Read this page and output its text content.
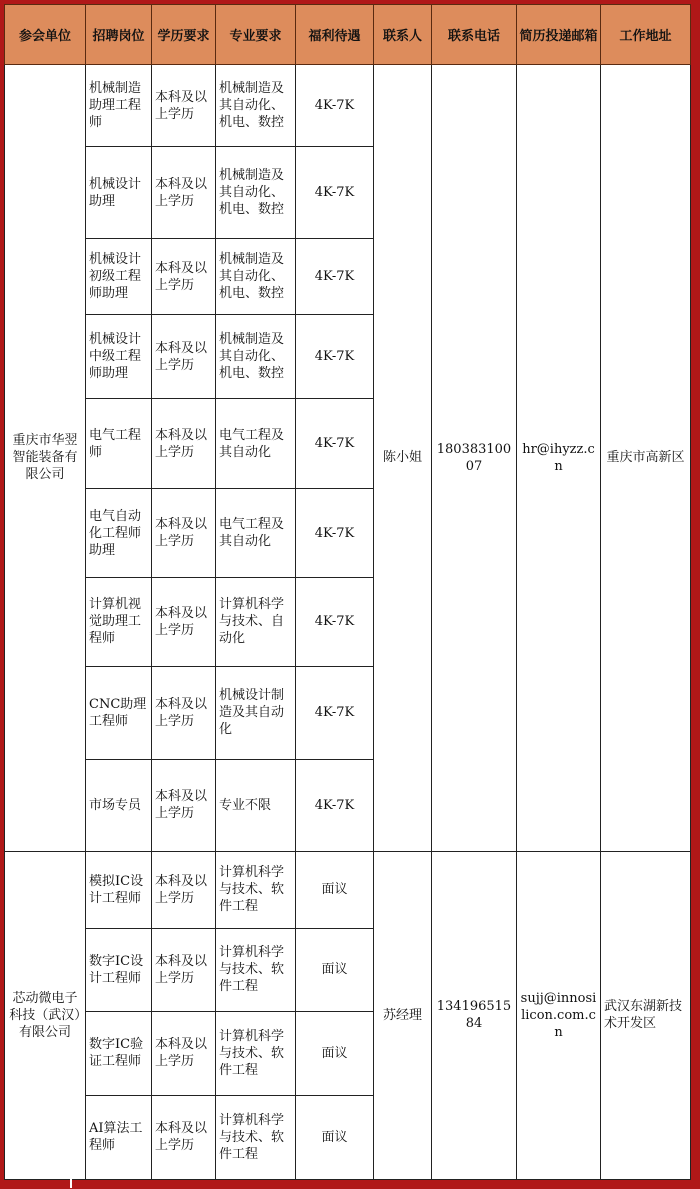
参会单位	招聘岗位	学历要求	专业要求	福利待遇	联系人	联系电话	简历投递邮箱	工作地址
重庆市华翌智能装备有限公司	机械制造助理工程师	本科及以上学历	机械制造及其自动化、机电、数控	4K-7K	陈小姐	18038310007	hr@ihyzz.cn	重庆市高新区
	机械设计助理	本科及以上学历	机械制造及其自动化、机电、数控	4K-7K				
	机械设计初级工程师助理	本科及以上学历	机械制造及其自动化、机电、数控	4K-7K				
	机械设计中级工程师助理	本科及以上学历	机械制造及其自动化、机电、数控	4K-7K				
	电气工程师	本科及以上学历	电气工程及其自动化	4K-7K				
	电气自动化工程师助理	本科及以上学历	电气工程及其自动化	4K-7K				
	计算机视觉助理工程师	本科及以上学历	计算机科学与技术、自动化	4K-7K				
	CNC助理工程师	本科及以上学历	机械设计制造及其自动化	4K-7K				
	市场专员	本科及以上学历	专业不限	4K-7K				
芯动微电子科技（武汉）有限公司	模拟IC设计工程师	本科及以上学历	计算机科学与技术、软件工程	面议	苏经理	13419651584	sujj@innosilicon.com.cn	武汉东湖新技术开发区
	数字IC设计工程师	本科及以上学历	计算机科学与技术、软件工程	面议				
	数字IC验证工程师	本科及以上学历	计算机科学与技术、软件工程	面议				
	AI算法工程师	本科及以上学历	计算机科学与技术、软件工程	面议				
